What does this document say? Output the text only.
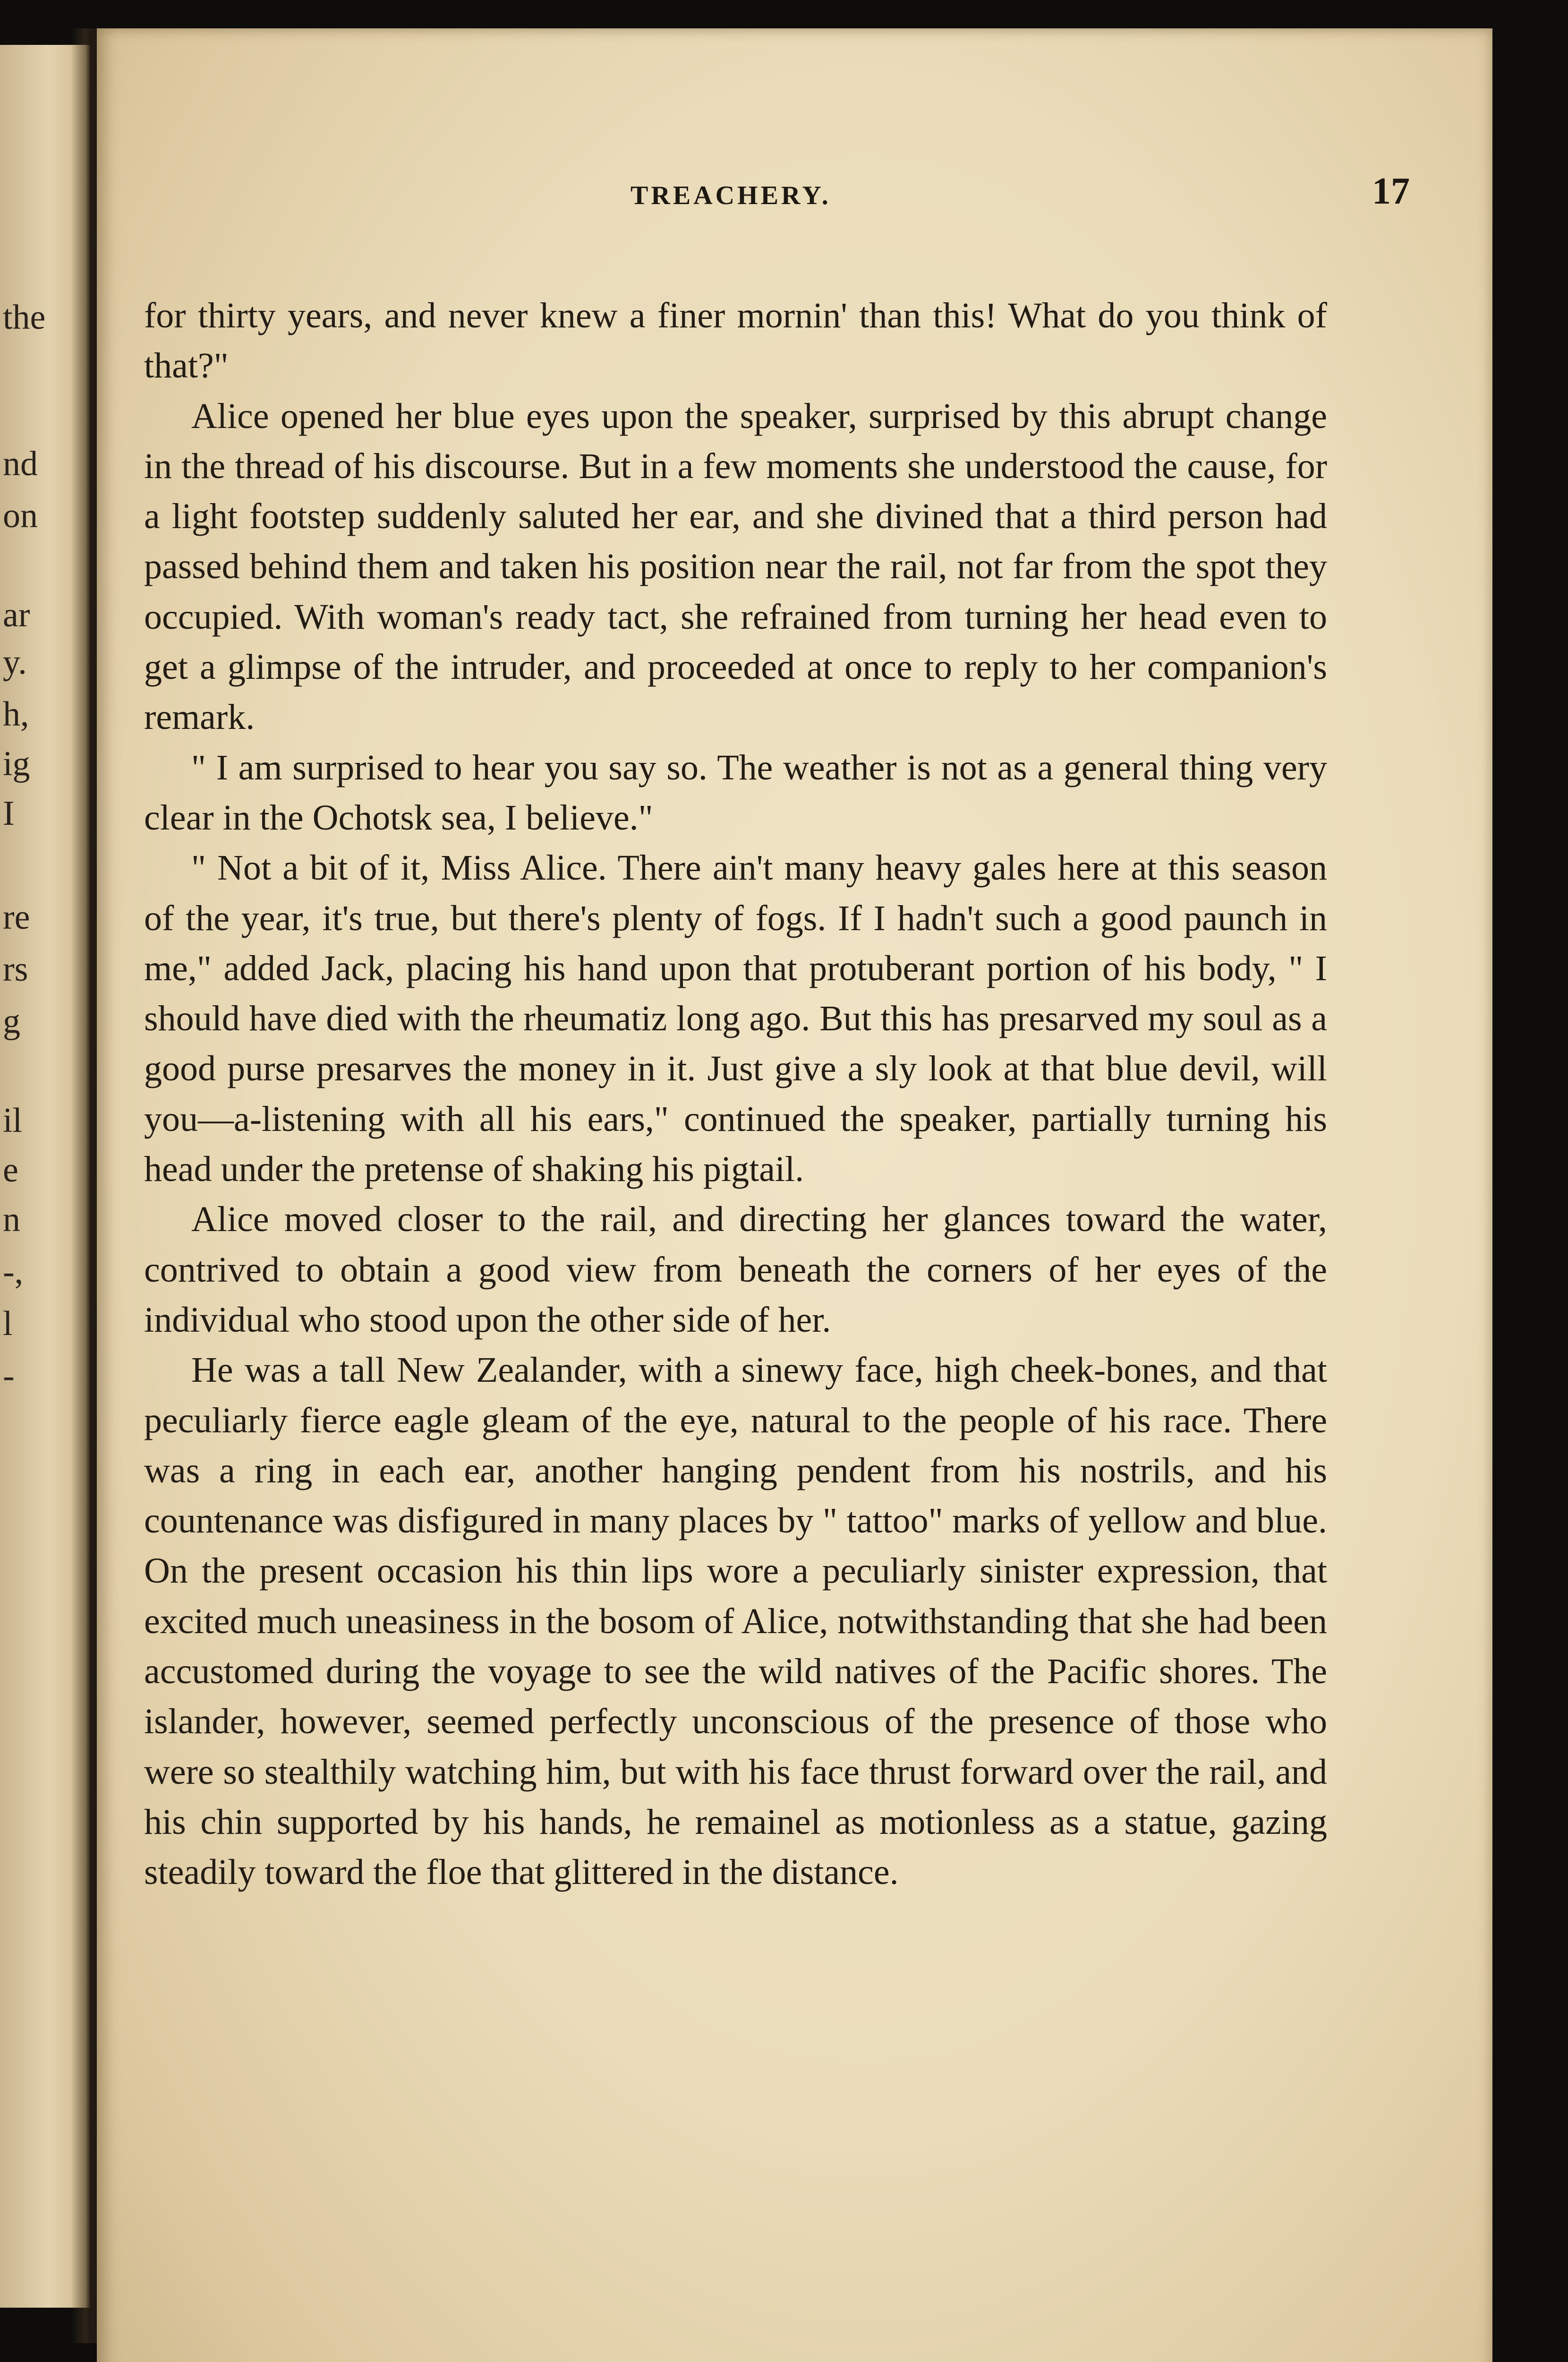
the
nd
on
ar
y.
h,
ig
I
re
rs
g
il
e
n
-,
l
-
TREACHERY.	17

for thirty years, and never knew a finer mornin' than this! What do you think of that?"

Alice opened her blue eyes upon the speaker, surprised by this abrupt change in the thread of his discourse. But in a few moments she understood the cause, for a light footstep suddenly saluted her ear, and she divined that a third person had passed behind them and taken his position near the rail, not far from the spot they occupied. With woman's ready tact, she refrained from turning her head even to get a glimpse of the intruder, and proceeded at once to reply to her companion's remark.

" I am surprised to hear you say so. The weather is not as a general thing very clear in the Ochotsk sea, I believe."

" Not a bit of it, Miss Alice. There ain't many heavy gales here at this season of the year, it's true, but there's plenty of fogs. If I hadn't such a good paunch in me," added Jack, placing his hand upon that protuberant portion of his body, " I should have died with the rheumatiz long ago. But this has presarved my soul as a good purse presarves the money in it. Just give a sly look at that blue devil, will you—a-listening with all his ears," continued the speaker, partially turning his head under the pretense of shaking his pigtail.

Alice moved closer to the rail, and directing her glances toward the water, contrived to obtain a good view from beneath the corners of her eyes of the individual who stood upon the other side of her.

He was a tall New Zealander, with a sinewy face, high cheek-bones, and that peculiarly fierce eagle gleam of the eye, natural to the people of his race. There was a ring in each ear, another hanging pendent from his nostrils, and his countenance was disfigured in many places by " tattoo" marks of yellow and blue. On the present occasion his thin lips wore a peculiarly sinister expression, that excited much uneasiness in the bosom of Alice, notwithstanding that she had been accustomed during the voyage to see the wild natives of the Pacific shores. The islander, however, seemed perfectly unconscious of the presence of those who were so stealthily watching him, but with his face thrust forward over the rail, and his chin supported by his hands, he remainel as motionless as a statue, gazing steadily toward the floe that glittered in the distance.
